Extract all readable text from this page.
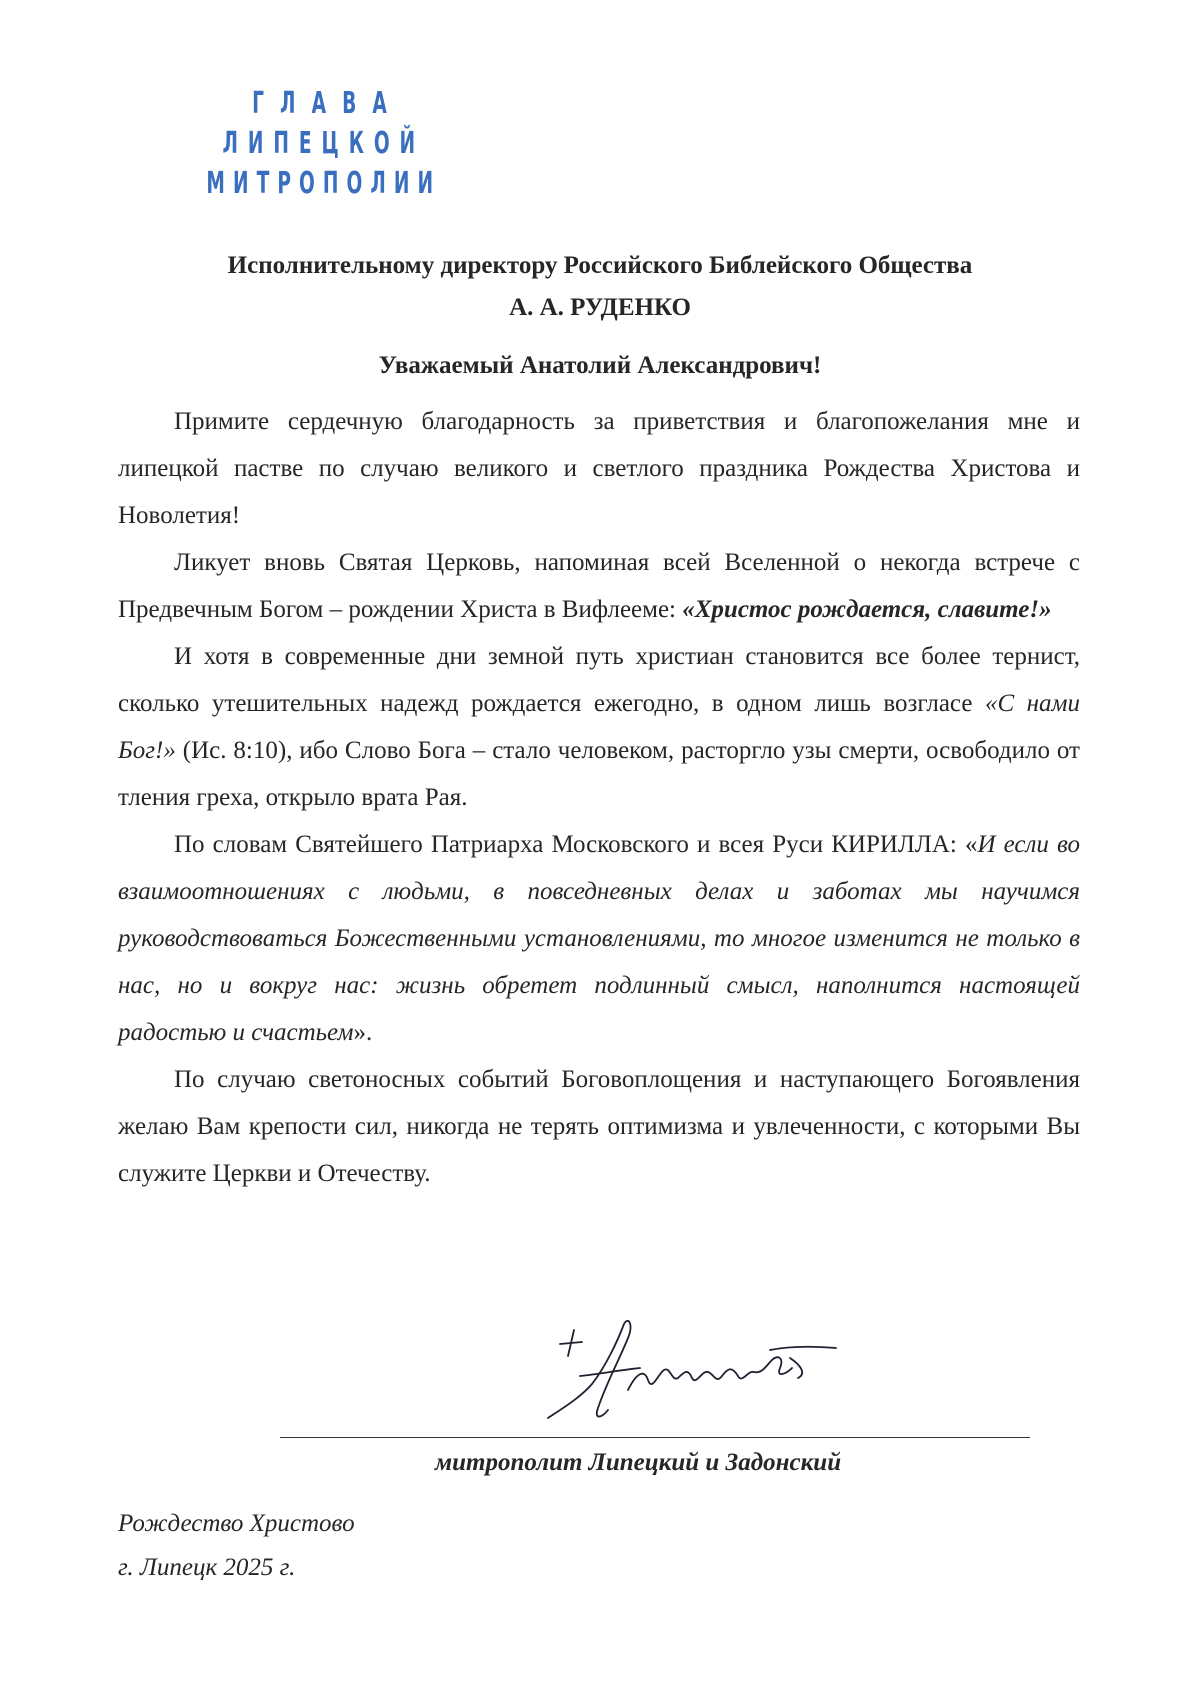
ГЛАВА
ЛИПЕЦКОЙ
МИТРОПОЛИИ
Исполнительному директору Российского Библейского Общества
А. А. РУДЕНКО
Уважаемый Анатолий Александрович!

Примите сердечную благодарность за приветствия и благопожелания мне и липецкой пастве по случаю великого и светлого праздника Рождества Христова и Новолетия!

Ликует вновь Святая Церковь, напоминая всей Вселенной о некогда встрече с Предвечным Богом – рождении Христа в Вифлееме: «Христос рождается, славите!»

И хотя в современные дни земной путь христиан становится все более тернист, сколько утешительных надежд рождается ежегодно, в одном лишь возгласе «С нами Бог!» (Ис. 8:10), ибо Слово Бога – стало человеком, расторгло узы смерти, освободило от тления греха, открыло врата Рая.

По словам Святейшего Патриарха Московского и всея Руси КИРИЛЛА: «И если во взаимоотношениях с людьми, в повседневных делах и заботах мы научимся руководствоваться Божественными установлениями, то многое изменится не только в нас, но и вокруг нас: жизнь обретет подлинный смысл, наполнится настоящей радостью и счастьем».

По случаю светоносных событий Боговоплощения и наступающего Богоявления желаю Вам крепости сил, никогда не терять оптимизма и увлеченности, с которыми Вы служите Церкви и Отечеству.

митрополит Липецкий и Задонский
Рождество Христово
г. Липецк 2025 г.
